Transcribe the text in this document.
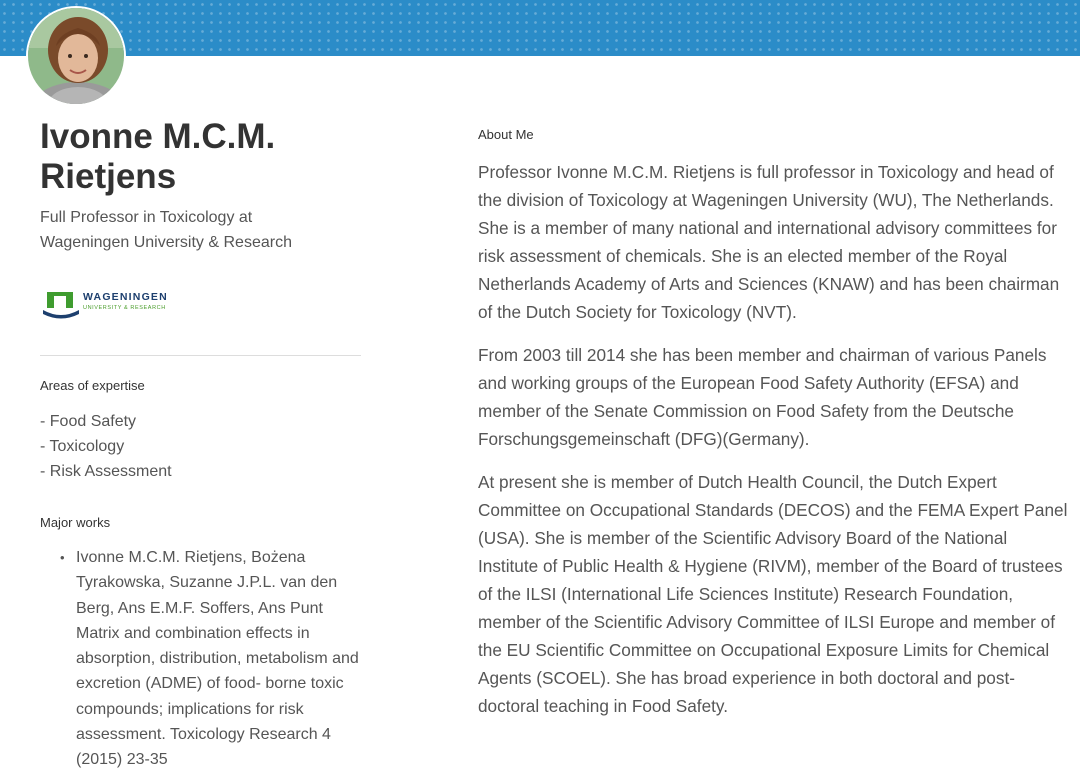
Ivonne M.C.M. Rietjens

Full Professor in Toxicology at Wageningen University & Research

WAGENINGEN
UNIVERSITY & RESEARCH

Areas of expertise

- Food Safety
- Toxicology
- Risk Assessment

Major works

• Ivonne M.C.M. Rietjens, Bożena Tyrakowska, Suzanne J.P.L. van den Berg, Ans E.M.F. Soffers, Ans Punt Matrix and combination effects in absorption, distribution, metabolism and excretion (ADME) of food- borne toxic compounds; implications for risk assessment. Toxicology Research 4 (2015) 23-35

About Me

Professor Ivonne M.C.M. Rietjens is full professor in Toxicology and head of the division of Toxicology at Wageningen University (WU), The Netherlands. She is a member of many national and international advisory committees for risk assessment of chemicals. She is an elected member of the Royal Netherlands Academy of Arts and Sciences (KNAW) and has been chairman of the Dutch Society for Toxicology (NVT).

From 2003 till 2014 she has been member and chairman of various Panels and working groups of the European Food Safety Authority (EFSA) and member of the Senate Commission on Food Safety from the Deutsche Forschungsgemeinschaft (DFG)(Germany).

At present she is member of Dutch Health Council, the Dutch Expert Committee on Occupational Standards (DECOS) and the FEMA Expert Panel (USA). She is member of the Scientific Advisory Board of the National Institute of Public Health & Hygiene (RIVM), member of the Board of trustees of the ILSI (International Life Sciences Institute) Research Foundation, member of the Scientific Advisory Committee of ILSI Europe and member of the EU Scientific Committee on Occupational Exposure Limits for Chemical Agents (SCOEL). She has broad experience in both doctoral and post-doctoral teaching in Food Safety.
